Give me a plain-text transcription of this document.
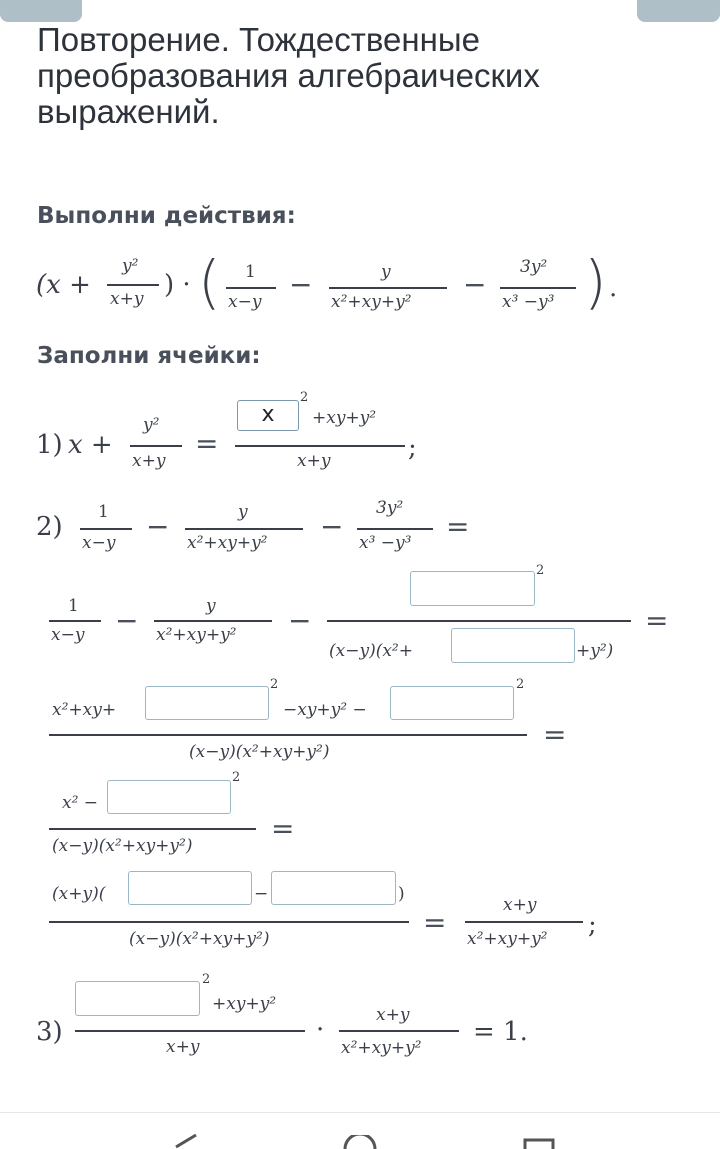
Повторение. Тождественные преобразования алгебраических выражений.
Выполни действия:
(x +
y²
x+y ) · ( 1
x−y
−	y
x²+xy+y²
−
3y²
x³ −y³ ) .
Заполни ячейки:
1) x +
y²
x+y
=
x
2
+xy+y²
x+y	;
2) 1
x−y −	y
x²+xy+y² −
3y²
x³ −y³ =
1
x−y −	y
x²+xy+y² −
2
(x−y)(x²+	+y²)
=
x²+xy+
2
−xy+y² −
2
(x−y)(x²+xy+y²)
=
x² −
2
(x−y)(x²+xy+y²)
=
(x+y)(	−	)
(x−y)(x²+xy+y²)	=
x+y
x²+xy+y² ;
3)
2
+xy+y²
x+y
·	x+y
x²+xy+y²
= 1.
